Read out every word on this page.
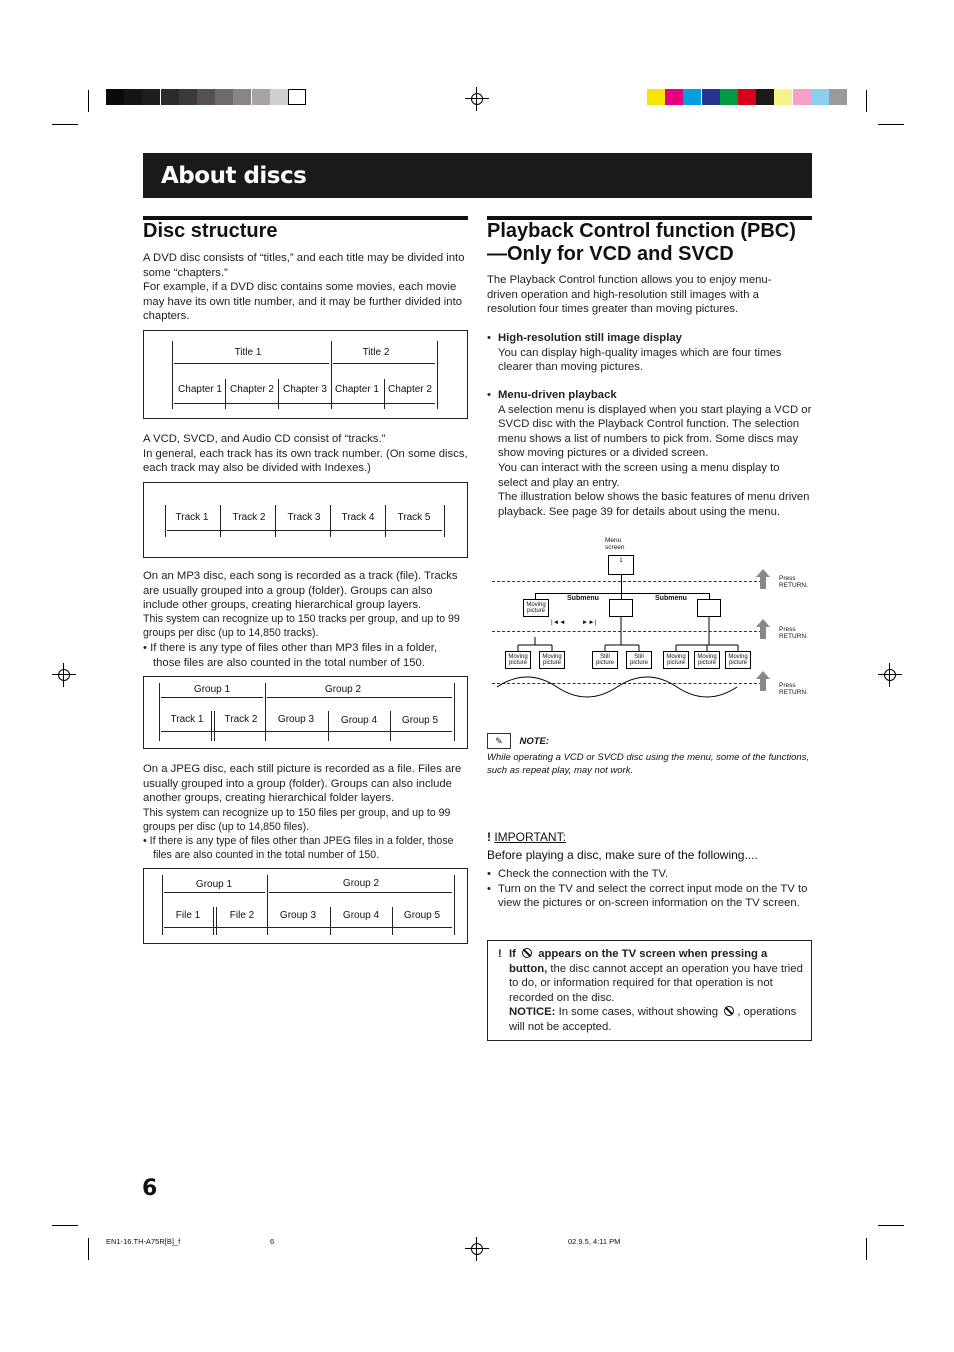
About discs
Disc structure
A DVD disc consists of “titles,” and each title may be divided into some “chapters.”
For example, if a DVD disc contains some movies, each movie may have its own title number, and it may be further divided into chapters.
Title 1	Title 2
Chapter 1 Chapter 2 Chapter 3 Chapter 1 Chapter 2
A VCD, SVCD, and Audio CD consist of “tracks.”
In general, each track has its own track number. (On some discs, each track may also be divided with Indexes.)
Track 1 Track 2 Track 3 Track 4 Track 5
On an MP3 disc, each song is recorded as a track (file). Tracks are usually grouped into a group (folder). Groups can also include other groups, creating hierarchical group layers.
This system can recognize up to 150 tracks per group, and up to 99 groups per disc (up to 14,850 tracks).
• If there is any type of files other than MP3 files in a folder, those files are also counted in the total number of 150.
Group 1	Group 2
Track 1 Track 2 Group 3	Group 4 Group 5
On a JPEG disc, each still picture is recorded as a file. Files are usually grouped into a group (folder). Groups can also include another groups, creating hierarchical folder layers.
This system can recognize up to 150 files per group, and up to 99 groups per disc (up to 14,850 files).
• If there is any type of files other than JPEG files in a folder, those files are also counted in the total number of 150.
Group 1	Group 2
File 1	File 2	Group 3	Group 4 Group 5
Playback Control function (PBC)
—Only for VCD and SVCD
The Playback Control function allows you to enjoy menu-driven operation and high-resolution still images with a resolution four times greater than moving pictures.
• High-resolution still image display
You can display high-quality images which are four times clearer than moving pictures.
• Menu-driven playback
A selection menu is displayed when you start playing a VCD or SVCD disc with the Playback Control function. The selection menu shows a list of numbers to pick from. Some discs may show moving pictures or a divided screen.
You can interact with the screen using a menu display to select and play an entry.
The illustration below shows the basic features of menu driven playback. See page 39 for details about using the menu.
Menu screen
1
Moving picture
Submenu	Submenu
|◄◄         ►►|
Moving picture
Moving picture
Still picture
Still picture
Moving picture
Moving picture
Moving picture
Press RETURN.
Press RETURN.
Press RETURN.
✎ NOTE:
While operating a VCD or SVCD disc using the menu, some of the functions, such as repeat play, may not work.
! IMPORTANT:
Before playing a disc, make sure of the following....
• Check the connection with the TV.
• Turn on the TV and select the correct input mode on the TV to view the pictures or on-screen information on the TV screen.
! If appears on the TV screen when pressing a button, the disc cannot accept an operation you have tried to do, or information required for that operation is not recorded on the disc.
NOTICE: In some cases, without showing , operations will not be accepted.
6
EN1-16.TH-A75R[B]_f	6	02.9.5, 4:11 PM
